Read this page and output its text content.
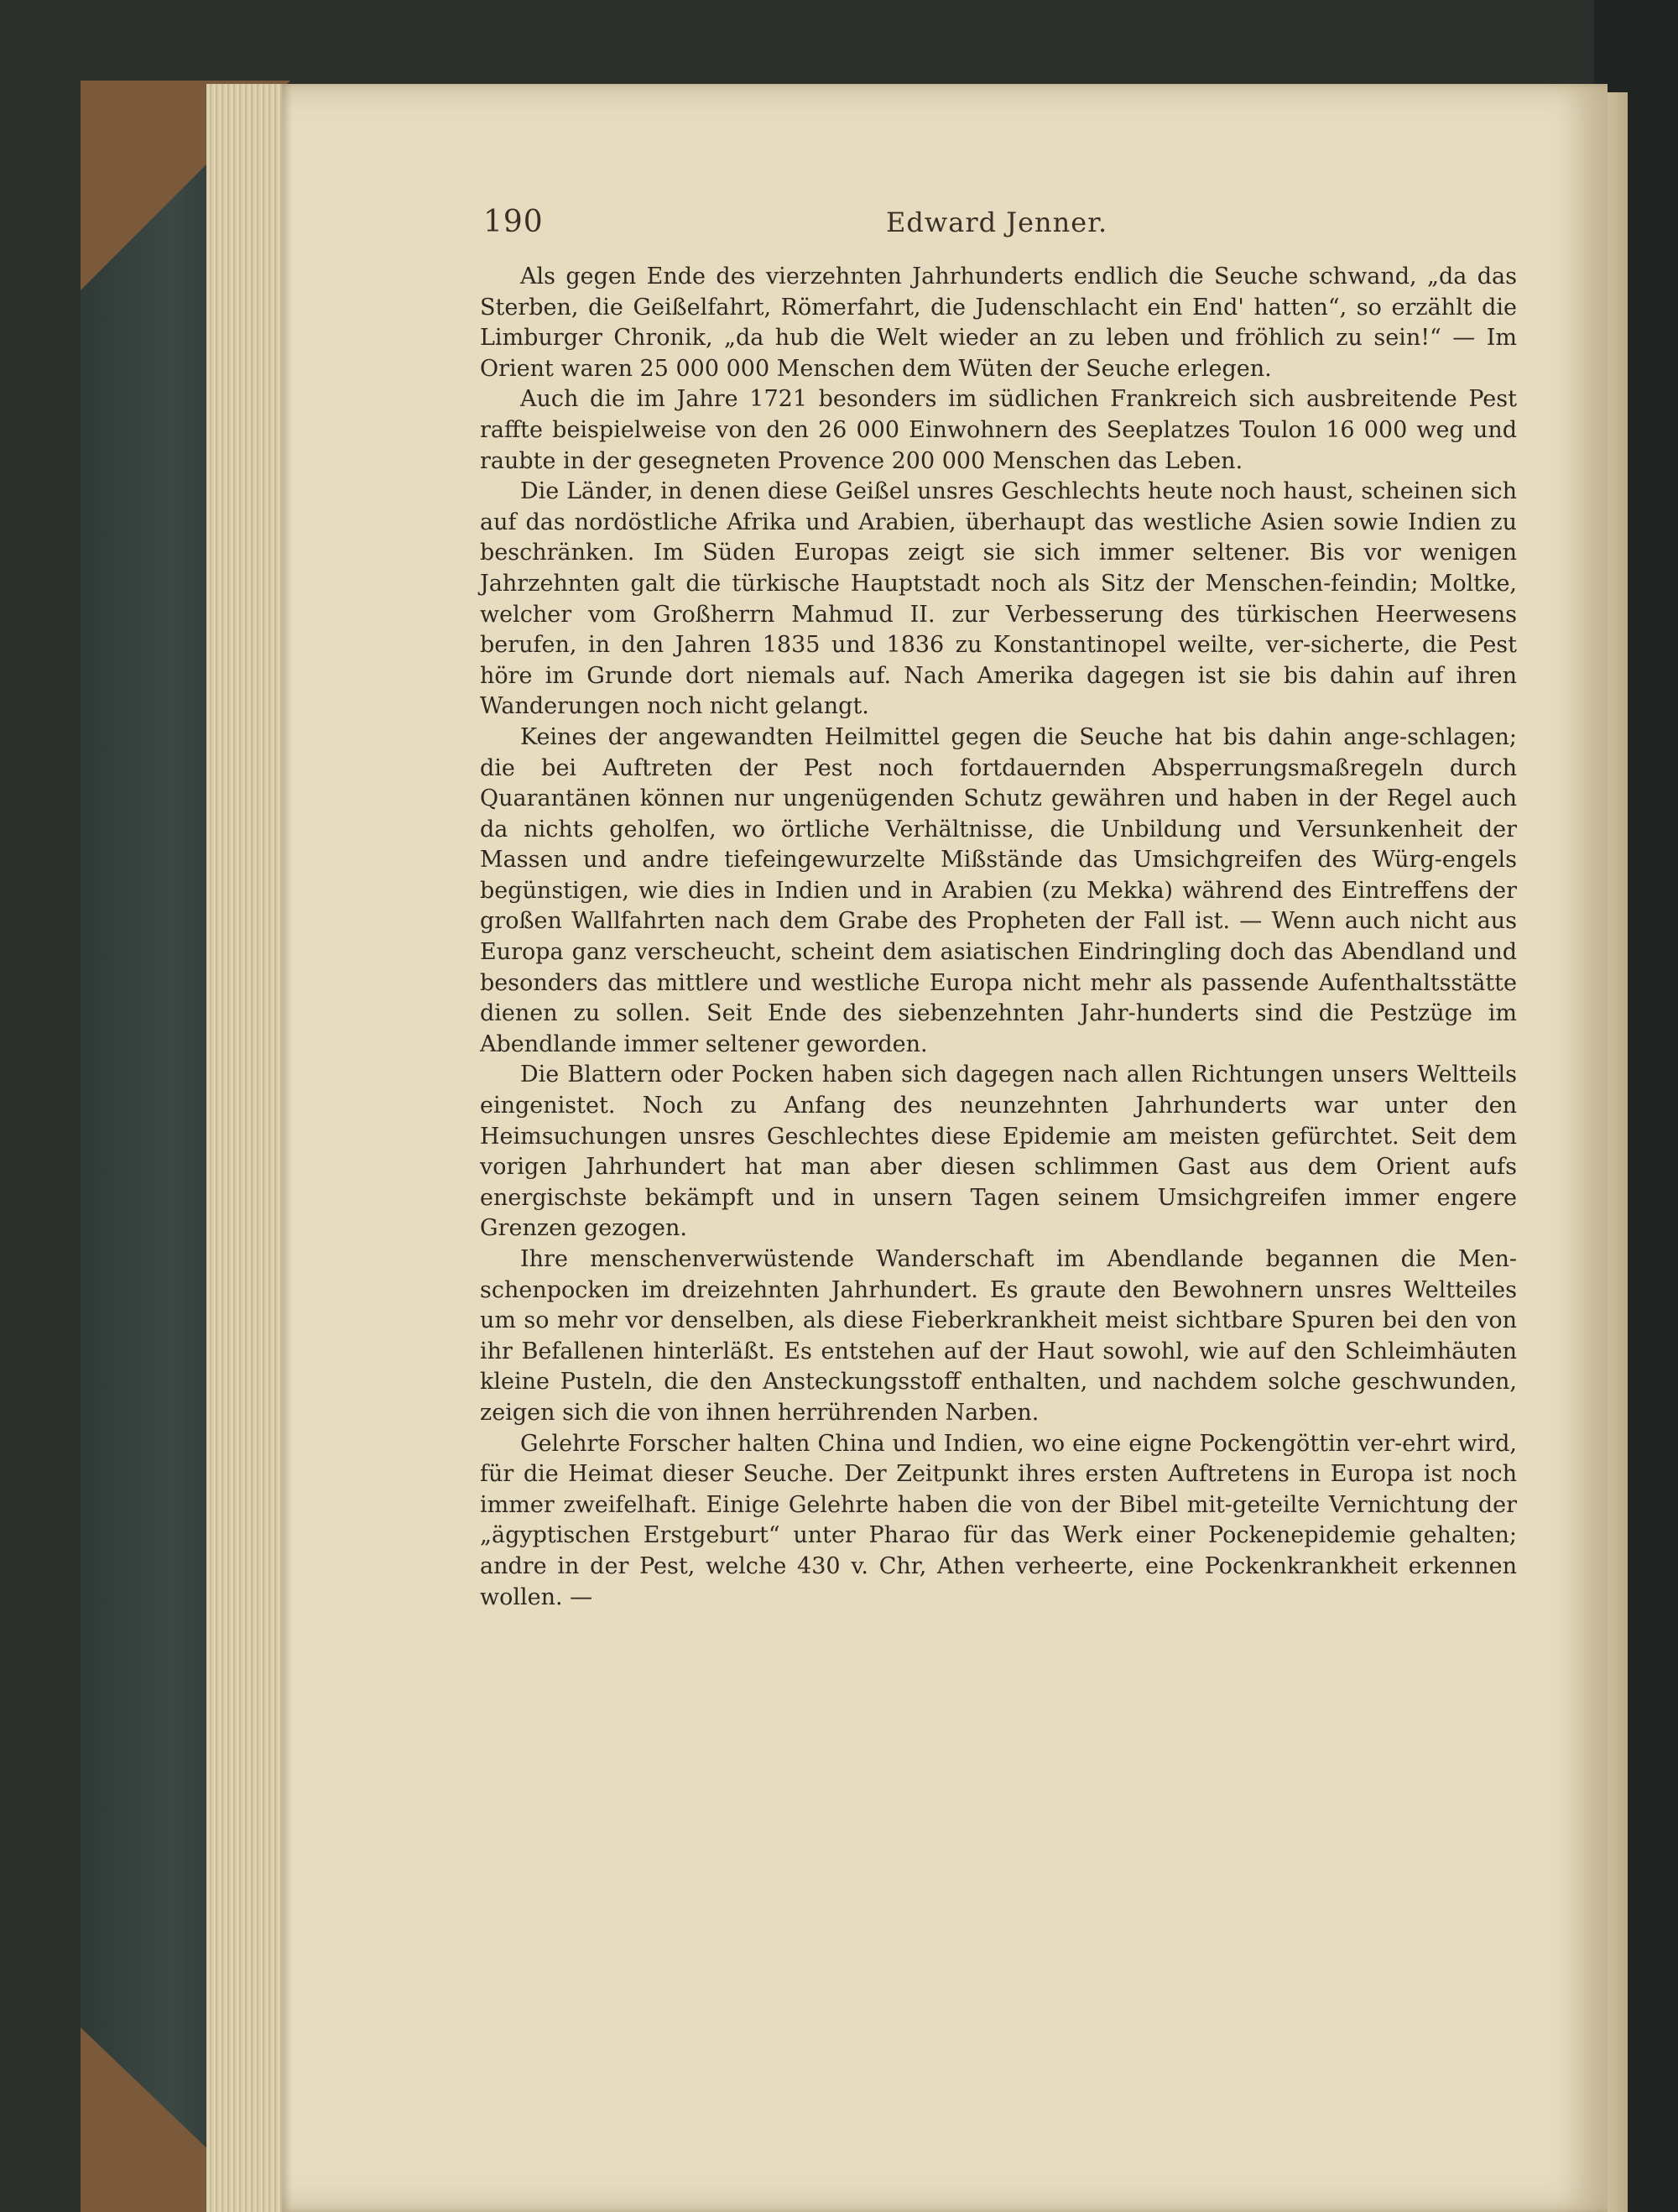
190	Edward Jenner.

Als gegen Ende des vierzehnten Jahrhunderts endlich die Seuche schwand, „da das Sterben, die Geißelfahrt, Römerfahrt, die Judenschlacht ein End' hatten“, so erzählt die Limburger Chronik, „da hub die Welt wieder an zu leben und fröhlich zu sein!“ — Im Orient waren 25 000 000 Menschen dem Wüten der Seuche erlegen.

Auch die im Jahre 1721 besonders im südlichen Frankreich sich ausbreitende Pest raffte beispielweise von den 26 000 Einwohnern des Seeplatzes Toulon 16 000 weg und raubte in der gesegneten Provence 200 000 Menschen das Leben.

Die Länder, in denen diese Geißel unsres Geschlechts heute noch haust, scheinen sich auf das nordöstliche Afrika und Arabien, überhaupt das westliche Asien sowie Indien zu beschränken. Im Süden Europas zeigt sie sich immer seltener. Bis vor wenigen Jahrzehnten galt die türkische Hauptstadt noch als Sitz der Menschen-feindin; Moltke, welcher vom Großherrn Mahmud II. zur Verbesserung des türkischen Heerwesens berufen, in den Jahren 1835 und 1836 zu Konstantinopel weilte, ver-sicherte, die Pest höre im Grunde dort niemals auf. Nach Amerika dagegen ist sie bis dahin auf ihren Wanderungen noch nicht gelangt.

Keines der angewandten Heilmittel gegen die Seuche hat bis dahin ange-schlagen; die bei Auftreten der Pest noch fortdauernden Absperrungsmaßregeln durch Quarantänen können nur ungenügenden Schutz gewähren und haben in der Regel auch da nichts geholfen, wo örtliche Verhältnisse, die Unbildung und Versunkenheit der Massen und andre tiefeingewurzelte Mißstände das Umsichgreifen des Würg-engels begünstigen, wie dies in Indien und in Arabien (zu Mekka) während des Eintreffens der großen Wallfahrten nach dem Grabe des Propheten der Fall ist. — Wenn auch nicht aus Europa ganz verscheucht, scheint dem asiatischen Eindringling doch das Abendland und besonders das mittlere und westliche Europa nicht mehr als passende Aufenthaltsstätte dienen zu sollen. Seit Ende des siebenzehnten Jahr-hunderts sind die Pestzüge im Abendlande immer seltener geworden.

Die Blattern oder Pocken haben sich dagegen nach allen Richtungen unsers Weltteils eingenistet. Noch zu Anfang des neunzehnten Jahrhunderts war unter den Heimsuchungen unsres Geschlechtes diese Epidemie am meisten gefürchtet. Seit dem vorigen Jahrhundert hat man aber diesen schlimmen Gast aus dem Orient aufs energischste bekämpft und in unsern Tagen seinem Umsichgreifen immer engere Grenzen gezogen.

Ihre menschenverwüstende Wanderschaft im Abendlande begannen die Men-schenpocken im dreizehnten Jahrhundert. Es graute den Bewohnern unsres Weltteiles um so mehr vor denselben, als diese Fieberkrankheit meist sichtbare Spuren bei den von ihr Befallenen hinterläßt. Es entstehen auf der Haut sowohl, wie auf den Schleimhäuten kleine Pusteln, die den Ansteckungsstoff enthalten, und nachdem solche geschwunden, zeigen sich die von ihnen herrührenden Narben.

Gelehrte Forscher halten China und Indien, wo eine eigne Pockengöttin ver-ehrt wird, für die Heimat dieser Seuche. Der Zeitpunkt ihres ersten Auftretens in Europa ist noch immer zweifelhaft. Einige Gelehrte haben die von der Bibel mit-geteilte Vernichtung der „ägyptischen Erstgeburt“ unter Pharao für das Werk einer Pockenepidemie gehalten; andre in der Pest, welche 430 v. Chr, Athen verheerte, eine Pockenkrankheit erkennen wollen. —
